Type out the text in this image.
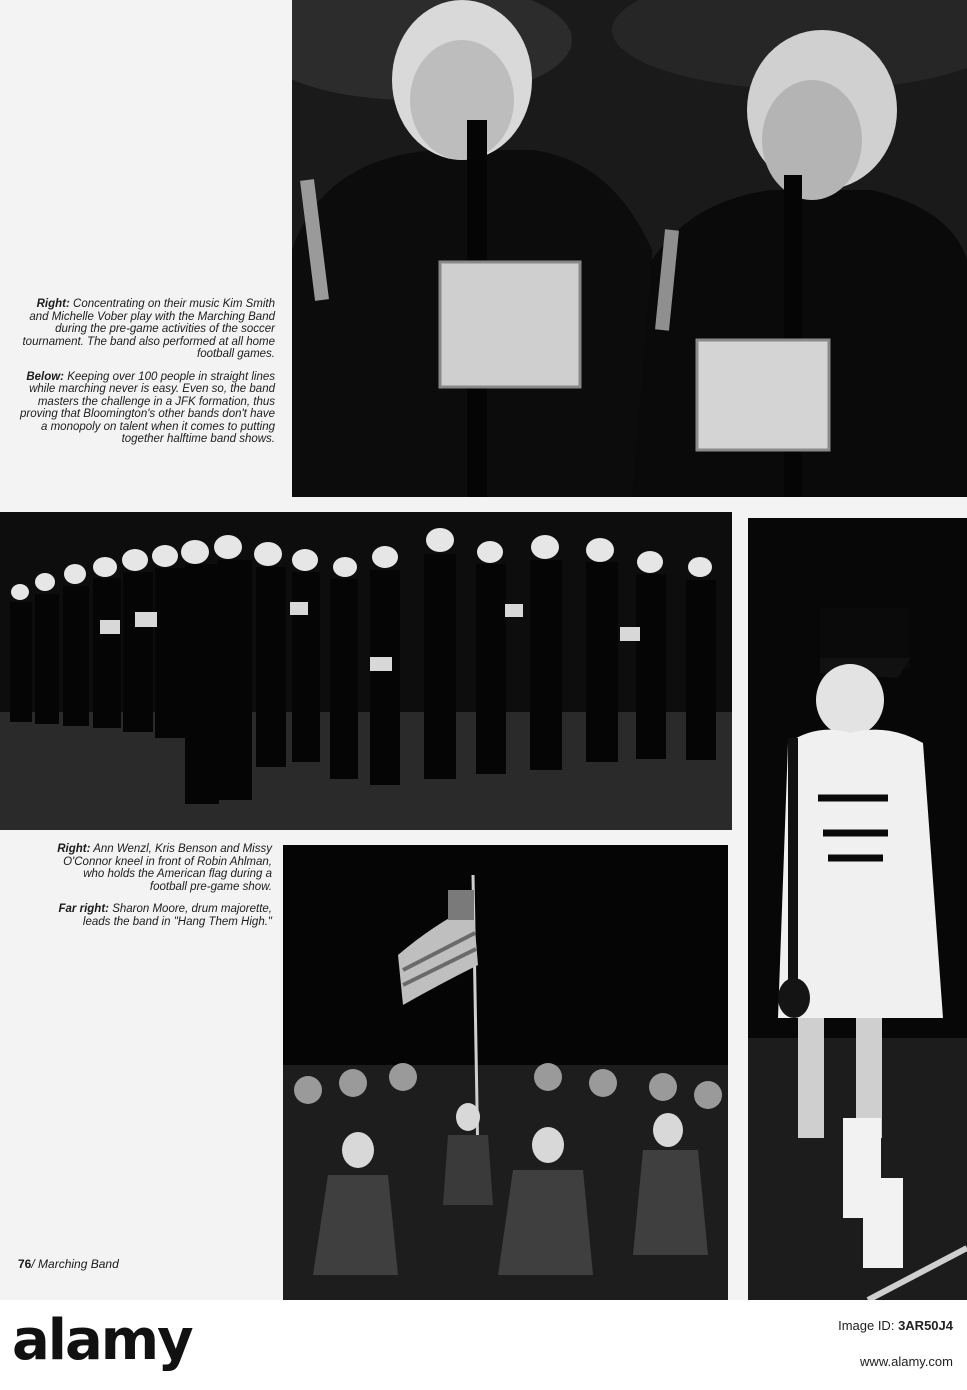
Right: Concentrating on their music Kim Smith and Michelle Vober play with the Marching Band during the pre-game activities of the soccer tournament. The band also performed at all home football games.

Below: Keeping over 100 people in straight lines while marching never is easy. Even so, the band masters the challenge in a JFK formation, thus proving that Bloomington's other bands don't have a monopoly on talent when it comes to putting together halftime band shows.

Right: Ann Wenzl, Kris Benson and Missy O'Connor kneel in front of Robin Ahlman, who holds the American flag during a football pre-game show.

Far right: Sharon Moore, drum majorette, leads the band in "Hang Them High."

76/ Marching Band
alamy	Image ID: 3AR50J4
www.alamy.com
